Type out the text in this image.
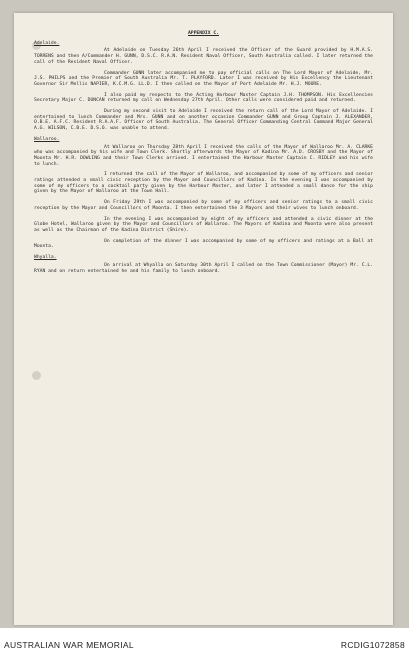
APPENDIX C.
Adelaide.

At Adelaide on Tuesday 26th April I received the Officer of the Guard provided by H.M.A.S. TORRENS and then A/Commander H. GUNN, D.S.C. R.A.N. Resident Naval Officer, South Australia called. I later returned the call of the Resident Naval Officer.

Commander GUNN later accompanied me to pay official calls on The Lord Mayor of Adelaide, Mr. J.S. PHILPS and the Premier of South Australia Mr. T. PLAYFORD. Later I was received by His Excellency the Lieutenant Governor Sir Mellis NAPIER, K.C.M.G. LL.D. I then called on the Mayor of Port Adelaide Mr. H.J. MOORE.

I also paid my respects to the Acting Harbour Master Captain J.H. THOMPSON. His Excellencies Secretary Major C. DUNCAN returned my call on Wednesday 27th April. Other calls were considered paid and returned.

During my second visit to Adelaide I received the return call of the Lord Mayor of Adelaide. I entertained to lunch Commander and Mrs. GUNN and on another occasion Commander GUNN and Group Captain J. ALEXANDER, O.B.E. A.F.C. Resident R.A.A.F. Officer of South Australia. The General Officer Commanding Central Command Major General A.G. WILSON, C.B.E. D.S.O. was unable to attend.

Wallaroo.

At Wallaroo on Thursday 28th April I received the calls of the Mayor of Wallaroo Mr. A. CLARKE who was accompanied by his wife and Town Clerk. Shortly afterwards the Mayor of Kadina Mr. A.D. CROSBY and the Mayor of Moonta Mr. H.R. DOWLING and their Town Clerks arrived. I entertained the Harbour Master Captain C. RIDLEY and his wife to lunch.

I returned the call of the Mayor of Wallaroo, and accompanied by some of my officers and senior ratings attended a small civic reception by the Mayor and Councillors of Kadina. In the evening I was accompanied by some of my officers to a cocktail party given by the Harbour Master, and later I attended a small dance for the ship given by the Mayor of Wallaroo at the Town Hall.

On Friday 29th I was accompanied by some of my officers and senior ratings to a small civic reception by the Mayor and Councillors of Moonta. I then entertained the 3 Mayors and their wives to lunch onboard.

In the evening I was accompanied by eight of my officers and attended a civic dinner at the Globe Hotel, Wallaroo given by the Mayor and Councillors of Wallaroo. The Mayors of Kadina and Moonta were also present as well as the Chairman of the Kadina District (Shire).

On completion of the dinner I was accompanied by some of my officers and ratings at a Ball at Moonta.

Whyalla.

On arrival at Whyalla on Saturday 30th April I called on the Town Commissioner (Mayor) Mr. C.L. RYAN and on return entertained he and his family to lunch onboard.

AUSTRALIAN WAR MEMORIAL	RCDIG1072858
